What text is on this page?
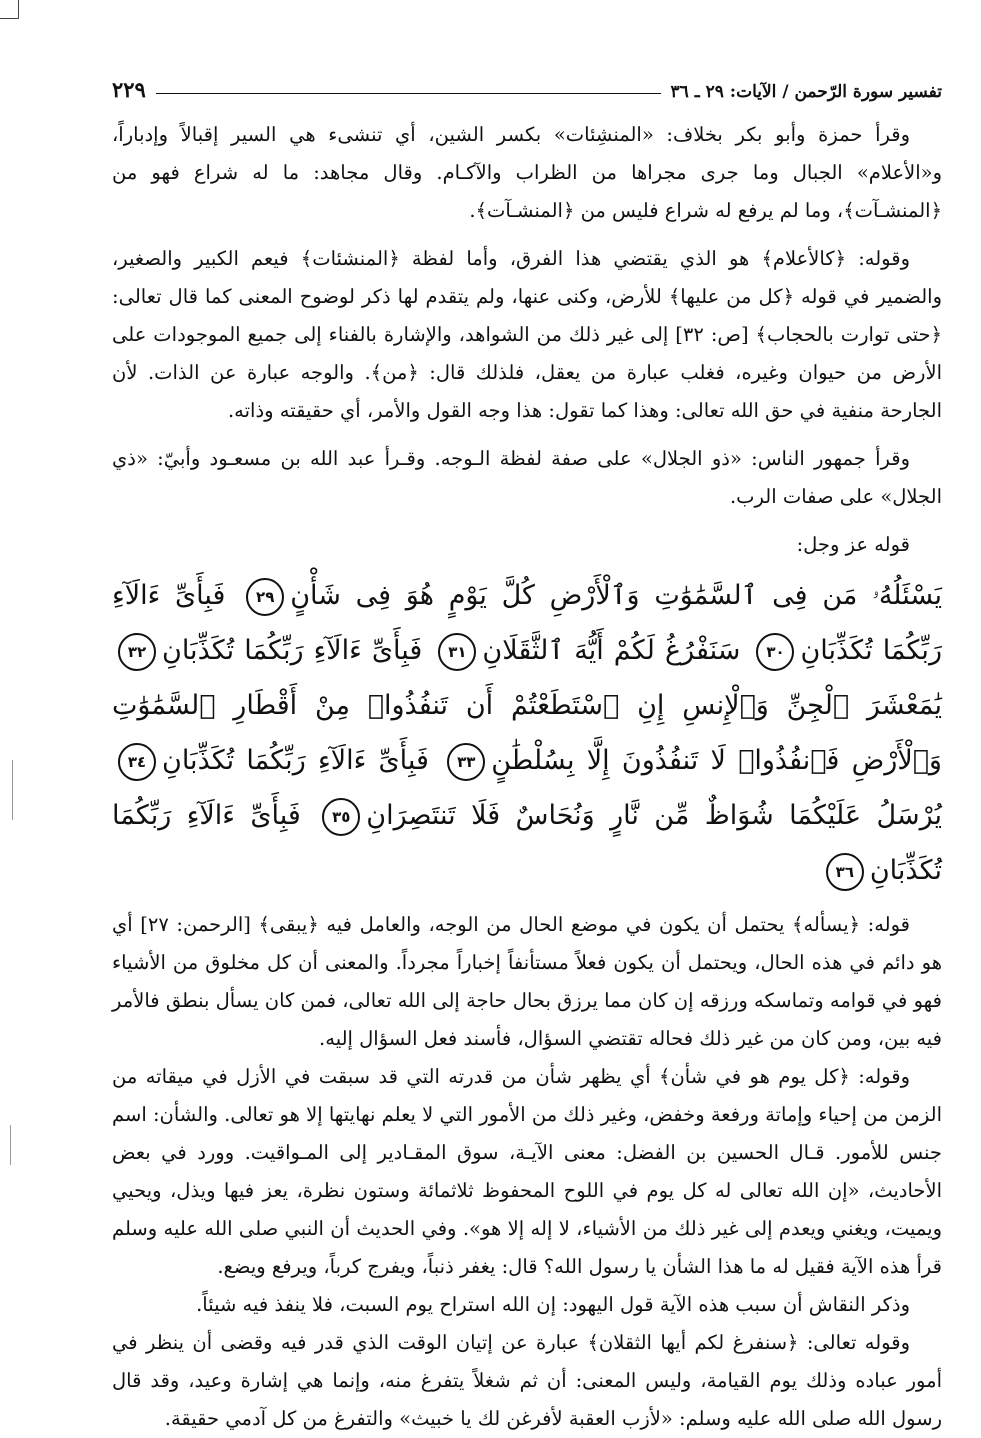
تفسير سورة الرّحمن / الآيات: ٢٩ ـ ٣٦
٢٢٩

وقرأ حمزة وأبو بكر بخلاف: «المنشِئات» بكسر الشين، أي تنشىء هي السير إقبالاً وإدباراً، و«الأعلام» الجبال وما جرى مجراها من الظراب والآكـام. وقال مجاهد: ما له شراع فهو من ﴿المنشـآت﴾، وما لم يرفع له شراع فليس من ﴿المنشـآت﴾.

وقوله: ﴿كالأعلام﴾ هو الذي يقتضي هذا الفرق، وأما لفظة ﴿المنشئات﴾ فيعم الكبير والصغير، والضمير في قوله ﴿كل من عليها﴾ للأرض، وكنى عنها، ولم يتقدم لها ذكر لوضوح المعنى كما قال تعالى: ﴿حتى توارت بالحجاب﴾ [ص: ٣٢] إلى غير ذلك من الشواهد، والإشارة بالفناء إلى جميع الموجودات على الأرض من حيوان وغيره، فغلب عبارة من يعقل، فلذلك قال: ﴿من﴾. والوجه عبارة عن الذات. لأن الجارحة منفية في حق الله تعالى: وهذا كما تقول: هذا وجه القول والأمر، أي حقيقته وذاته.

وقرأ جمهور الناس: «ذو الجلال» على صفة لفظة الـوجه. وقـرأ عبد الله بن مسعـود وأبيّ: «ذي الجلال» على صفات الرب.

قوله عز وجل:

يَسْئَلُهُۥ مَن فِى ٱلسَّمَٰوَٰتِ وَٱلْأَرْضِ كُلَّ يَوْمٍ هُوَ فِى شَأْنٍ٢٩ فَبِأَىِّ ءَالَآءِ رَبِّكُمَا تُكَذِّبَانِ٣٠ سَنَفْرُغُ لَكُمْ أَيُّهَ ٱلثَّقَلَانِ٣١ فَبِأَىِّ ءَالَآءِ رَبِّكُمَا تُكَذِّبَانِ٣٢ يَٰمَعْشَرَ ٱلْجِنِّ وَٱلْإِنسِ إِنِ ٱسْتَطَعْتُمْ أَن تَنفُذُوا۟ مِنْ أَقْطَارِ ٱلسَّمَٰوَٰتِ وَٱلْأَرْضِ فَٱنفُذُوا۟ لَا تَنفُذُونَ إِلَّا بِسُلْطَٰنٍ٣٣ فَبِأَىِّ ءَالَآءِ رَبِّكُمَا تُكَذِّبَانِ٣٤ يُرْسَلُ عَلَيْكُمَا شُوَاظٌ مِّن نَّارٍ وَنُحَاسٌ فَلَا تَنتَصِرَانِ٣٥ فَبِأَىِّ ءَالَآءِ رَبِّكُمَا تُكَذِّبَانِ٣٦

قوله: ﴿يسأله﴾ يحتمل أن يكون في موضع الحال من الوجه، والعامل فيه ﴿يبقى﴾ [الرحمن: ٢٧] أي هو دائم في هذه الحال، ويحتمل أن يكون فعلاً مستأنفاً إخباراً مجرداً. والمعنى أن كل مخلوق من الأشياء فهو في قوامه وتماسكه ورزقه إن كان مما يرزق بحال حاجة إلى الله تعالى، فمن كان يسأل بنطق فالأمر فيه بين، ومن كان من غير ذلك فحاله تقتضي السؤال، فأسند فعل السؤال إليه.

وقوله: ﴿كل يوم هو في شأن﴾ أي يظهر شأن من قدرته التي قد سبقت في الأزل في ميقاته من الزمن من إحياء وإماتة ورفعة وخفض، وغير ذلك من الأمور التي لا يعلم نهايتها إلا هو تعالى. والشأن: اسم جنس للأمور. قـال الحسين بن الفضل: معنى الآيـة، سوق المقـادير إلى المـواقيت. وورد في بعض الأحاديث، «إن الله تعالى له كل يوم في اللوح المحفوظ ثلاثمائة وستون نظرة، يعز فيها ويذل، ويحيي ويميت، ويغني ويعدم إلى غير ذلك من الأشياء، لا إله إلا هو». وفي الحديث أن النبي صلى الله عليه وسلم قرأ هذه الآية فقيل له ما هذا الشأن يا رسول الله؟ قال: يغفر ذنباً، ويفرج كرباً، ويرفع ويضع.

وذكر النقاش أن سبب هذه الآية قول اليهود: إن الله استراح يوم السبت، فلا ينفذ فيه شيئاً.

وقوله تعالى: ﴿سنفرغ لكم أيها الثقلان﴾ عبارة عن إتيان الوقت الذي قدر فيه وقضى أن ينظر في أمور عباده وذلك يوم القيامة، وليس المعنى: أن ثم شغلاً يتفرغ منه، وإنما هي إشارة وعيد، وقد قال رسول الله صلى الله عليه وسلم: «لأزب العقبة لأفرغن لك يا خبيث» والتفرغ من كل آدمي حقيقة.
